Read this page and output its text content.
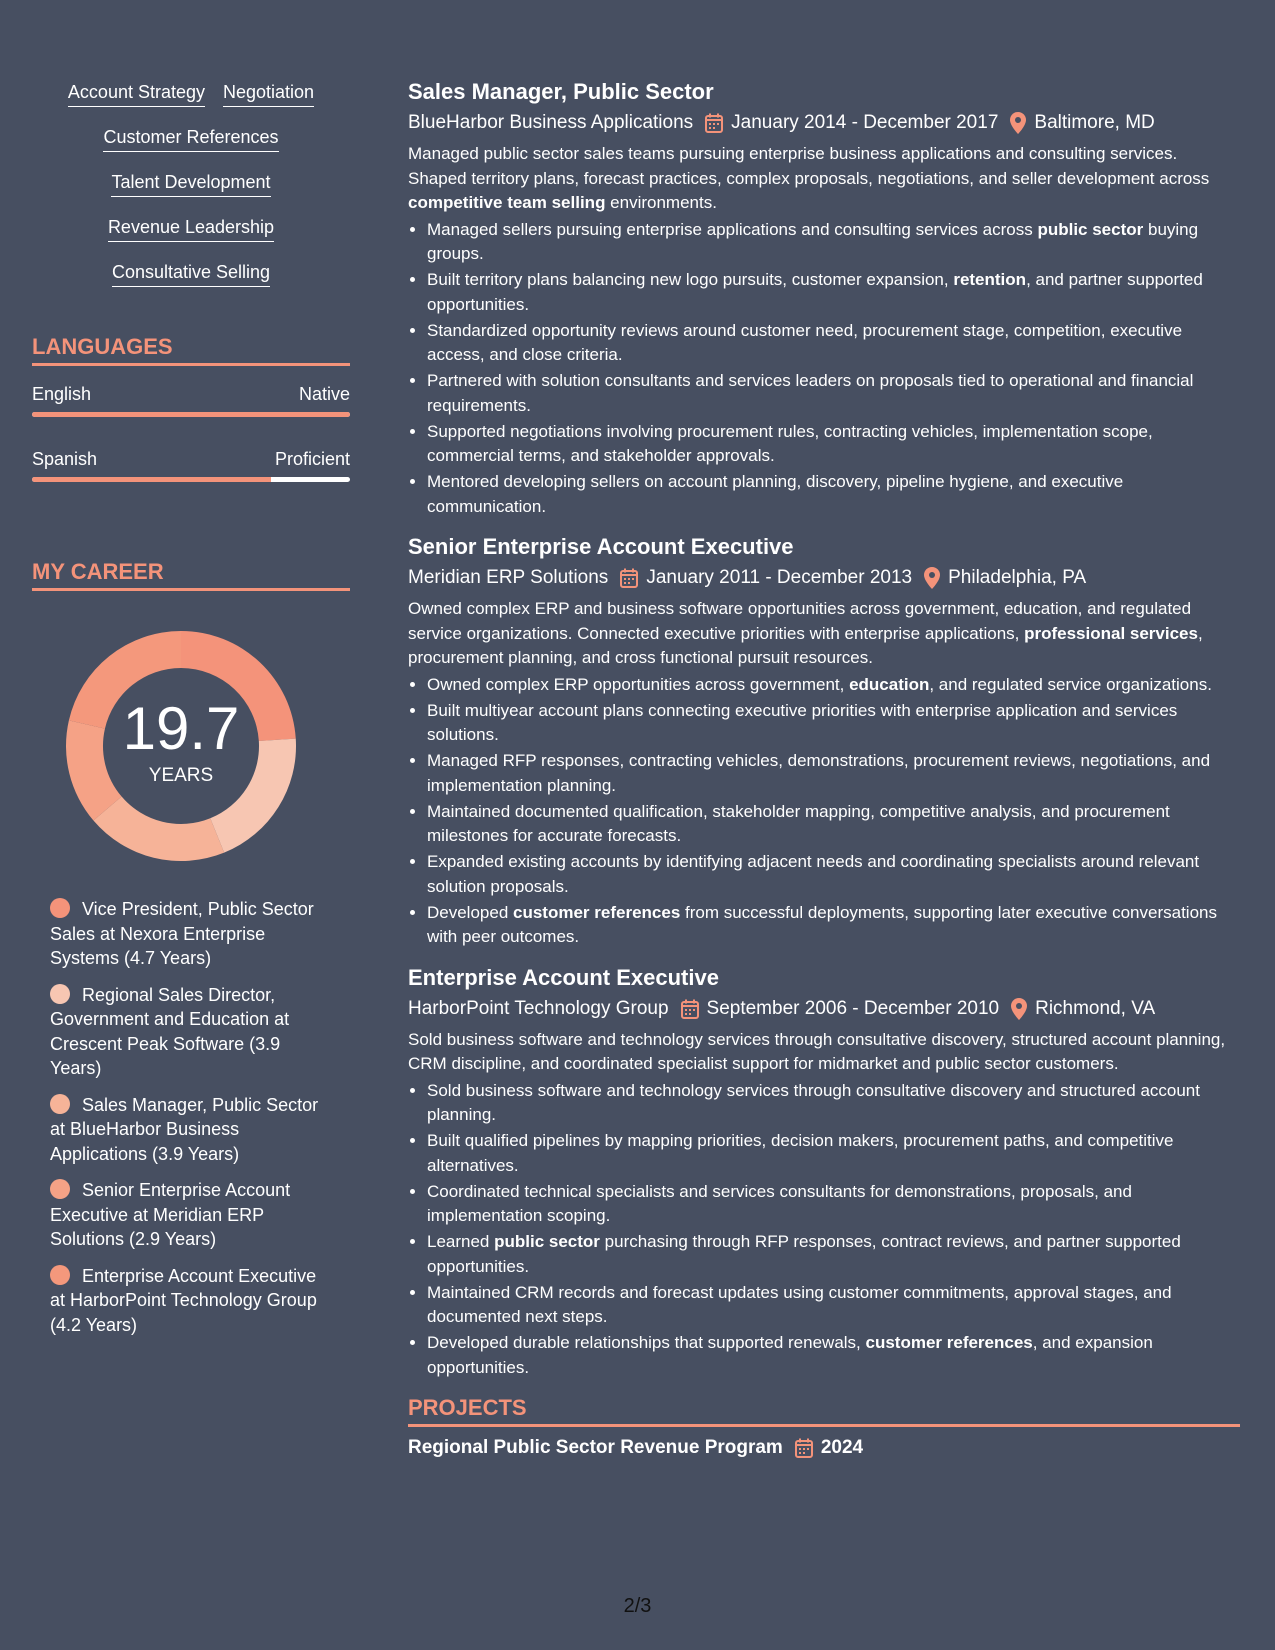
Account Strategy Negotiation
Customer References
Talent Development
Revenue Leadership
Consultative Selling
LANGUAGES
English	Native
Spanish	Proficient
MY CAREER
19.7
YEARS
Vice President, Public Sector Sales at Nexora Enterprise Systems (4.7 Years)
Regional Sales Director, Government and Education at Crescent Peak Software (3.9 Years)
Sales Manager, Public Sector at BlueHarbor Business Applications (3.9 Years)
Senior Enterprise Account Executive at Meridian ERP Solutions (2.9 Years)
Enterprise Account Executive at HarborPoint Technology Group (4.2 Years)
Sales Manager, Public Sector
BlueHarbor Business Applications January 2014 - December 2017 Baltimore, MD
Managed public sector sales teams pursuing enterprise business applications and consulting services. Shaped territory plans, forecast practices, complex proposals, negotiations, and seller development across competitive team selling environments.
• Managed sellers pursuing enterprise applications and consulting services across public sector buying groups.
• Built territory plans balancing new logo pursuits, customer expansion, retention, and partner supported opportunities.
• Standardized opportunity reviews around customer need, procurement stage, competition, executive access, and close criteria.
• Partnered with solution consultants and services leaders on proposals tied to operational and financial requirements.
• Supported negotiations involving procurement rules, contracting vehicles, implementation scope, commercial terms, and stakeholder approvals.
• Mentored developing sellers on account planning, discovery, pipeline hygiene, and executive communication.
Senior Enterprise Account Executive
Meridian ERP Solutions January 2011 - December 2013 Philadelphia, PA
Owned complex ERP and business software opportunities across government, education, and regulated service organizations. Connected executive priorities with enterprise applications, professional services, procurement planning, and cross functional pursuit resources.
• Owned complex ERP opportunities across government, education, and regulated service organizations.
• Built multiyear account plans connecting executive priorities with enterprise application and services solutions.
• Managed RFP responses, contracting vehicles, demonstrations, procurement reviews, negotiations, and implementation planning.
• Maintained documented qualification, stakeholder mapping, competitive analysis, and procurement milestones for accurate forecasts.
• Expanded existing accounts by identifying adjacent needs and coordinating specialists around relevant solution proposals.
• Developed customer references from successful deployments, supporting later executive conversations with peer outcomes.
Enterprise Account Executive
HarborPoint Technology Group September 2006 - December 2010 Richmond, VA
Sold business software and technology services through consultative discovery, structured account planning, CRM discipline, and coordinated specialist support for midmarket and public sector customers.
• Sold business software and technology services through consultative discovery and structured account planning.
• Built qualified pipelines by mapping priorities, decision makers, procurement paths, and competitive alternatives.
• Coordinated technical specialists and services consultants for demonstrations, proposals, and implementation scoping.
• Learned public sector purchasing through RFP responses, contract reviews, and partner supported opportunities.
• Maintained CRM records and forecast updates using customer commitments, approval stages, and documented next steps.
• Developed durable relationships that supported renewals, customer references, and expansion opportunities.
PROJECTS
Regional Public Sector Revenue Program 2024
2/3
